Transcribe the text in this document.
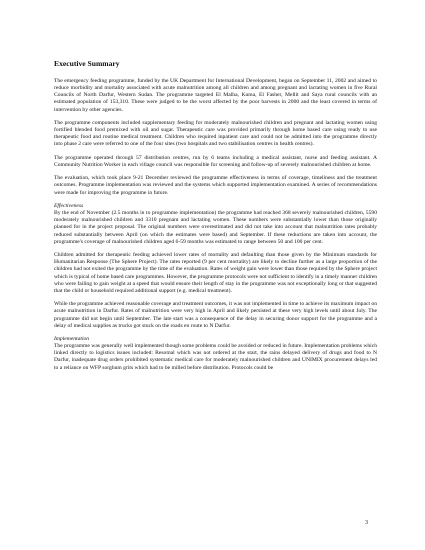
Executive Summary
The emergency feeding programme, funded by the UK Department for International Development, began on September 11, 2002 and aimed to reduce morbidity and mortality associated with acute malnutrition among all children and among pregnant and lactating women in five Rural Councils of North Darfur, Western Sudan. The programme targeted El Malha, Kuma, El Fasher, Mellit and Saya rural councils with an estimated population of 153,310. These were judged to be the worst affected by the poor harvests in 2000 and the least covered in terms of intervention by other agencies.
The programme components included supplementary feeding for moderately malnourished children and pregnant and lactating women using fortified blended food premixed with oil and sugar. Therapeutic care was provided primarily through home based care using ready to use therapeutic food and routine medical treatment. Children who required inpatient care and could not be admitted into the programme directly into phase 2 care were referred to one of the four sites (two hospitals and two stabilisation centres in health centres).
The programme operated through 57 distribution centres, run by 6 teams including a medical assistant, nurse and feeding assistant. A Community Nutrition Worker in each village council was responsible for screening and follow-up of severely malnourished children at home.
The evaluation, which took place 9-21 December reviewed the programme effectiveness in terms of coverage, timeliness and the treatment outcomes. Programme implementation was reviewed and the systems which supported implementation examined. A series of recommendations were made for improving the programme in future.
Effectiveness
By the end of November (2.5 months in to programme implementation) the programme had reached 368 severely malnourished children, 5590 moderately malnourished children and 3310 pregnant and lactating women. These numbers were substantially lower than those originally planned for in the project proposal. The original numbers were overestimated and did not take into account that malnutrition rates probably reduced substantially between April (on which the estimates were based) and September. If these reductions are taken into account, the programme's coverage of malnourished children aged 6-59 months was estimated to range between 50 and 100 per cent.
Children admitted for therapeutic feeding achieved lower rates of mortality and defaulting than those given by the Minimum standards for Humanitarian Response (The Sphere Project). The rates reported (9 per cent mortality) are likely to decline further as a large proportion of the children had not exited the programme by the time of the evaluation. Rates of weight gain were lower than those required by the Sphere project which is typical of home based care programmes. However, the programme protocols were not sufficient to identify in a timely manner children who were failing to gain weight at a speed that would ensure their length of stay in the programme was not exceptionally long or that suggested that the child or household required additional support (e.g. medical treatment).
While the programme achieved reasonable coverage and treatment outcomes, it was not implemented in time to achieve its maximum impact on acute malnutrition in Darfur. Rates of malnutrition were very high in April and likely persisted at these very high levels until about July. The programme did not begin until September. The late start was a consequence of the delay in securing donor support for the programme and a delay of medical supplies as trucks got stuck on the roads en route to N Darfur.
Implementation
The programme was generally well implemented though some problems could be avoided or reduced in future. Implementation problems which linked directly to logistics issues included: Resomal which was not ordered at the start, the rains delayed delivery of drugs and food to N Darfur, inadequate drug orders prohibited systematic medical care for moderately malnourished children and UNIMIX procurement delays led to a reliance on WFP sorghum grits which had to be milled before distribution. Protocols could be
3
